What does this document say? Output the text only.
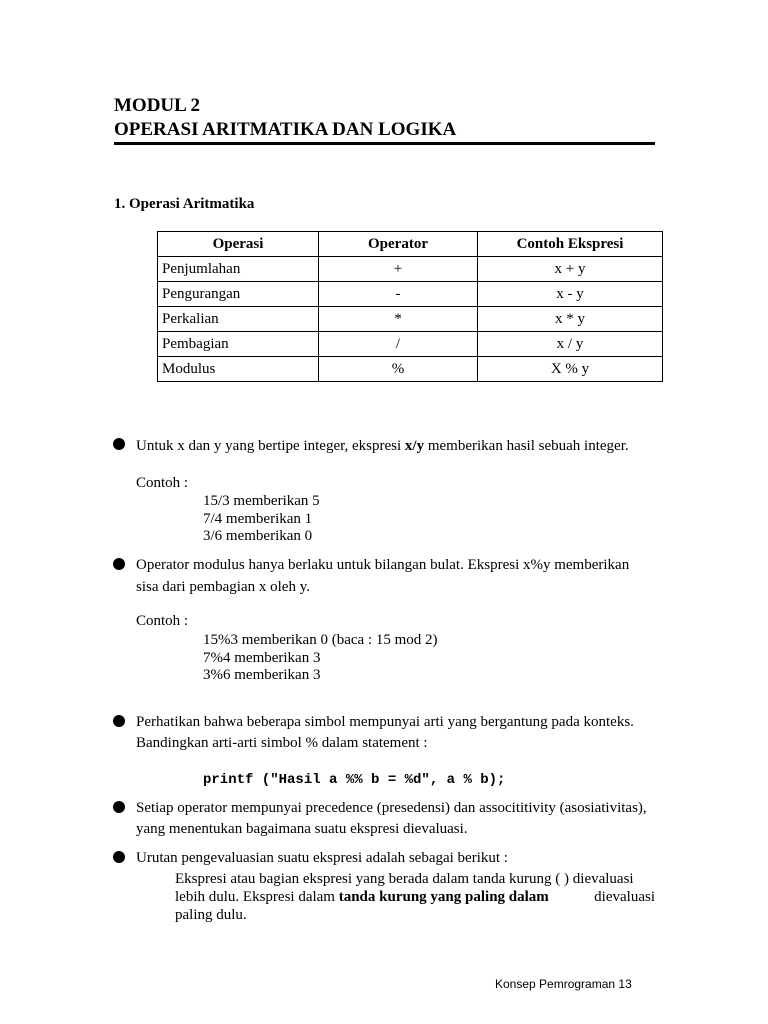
MODUL 2
OPERASI ARITMATIKA DAN LOGIKA
1. Operasi Aritmatika
Operasi	Operator	Contoh Ekspresi
Penjumlahan	+	x + y
Pengurangan	-	x - y
Perkalian	*	x * y
Pembagian	/	x / y
Modulus	%	X % y
Untuk x dan y yang bertipe integer, ekspresi x/y memberikan hasil sebuah integer.
Contoh :
15/3 memberikan 5
7/4 memberikan 1
3/6 memberikan 0
Operator modulus hanya berlaku untuk bilangan bulat. Ekspresi x%y memberikan
sisa dari pembagian x oleh y.
Contoh :
15%3 memberikan 0 (baca : 15 mod 2)
7%4 memberikan 3
3%6 memberikan 3
Perhatikan bahwa beberapa simbol mempunyai arti yang bergantung pada konteks.
Bandingkan arti-arti simbol % dalam statement :
printf ("Hasil a %% b = %d", a % b);
Setiap operator mempunyai precedence (presedensi) dan assocititivity (asosiativitas),
yang menentukan bagaimana suatu ekspresi dievaluasi.
Urutan pengevaluasian suatu ekspresi adalah sebagai berikut :
Ekspresi atau bagian ekspresi yang berada dalam tanda kurung ( ) dievaluasi
lebih dulu. Ekspresi dalam tanda kurung yang paling dalam	dievaluasi
paling dulu.
Konsep Pemrograman 13
